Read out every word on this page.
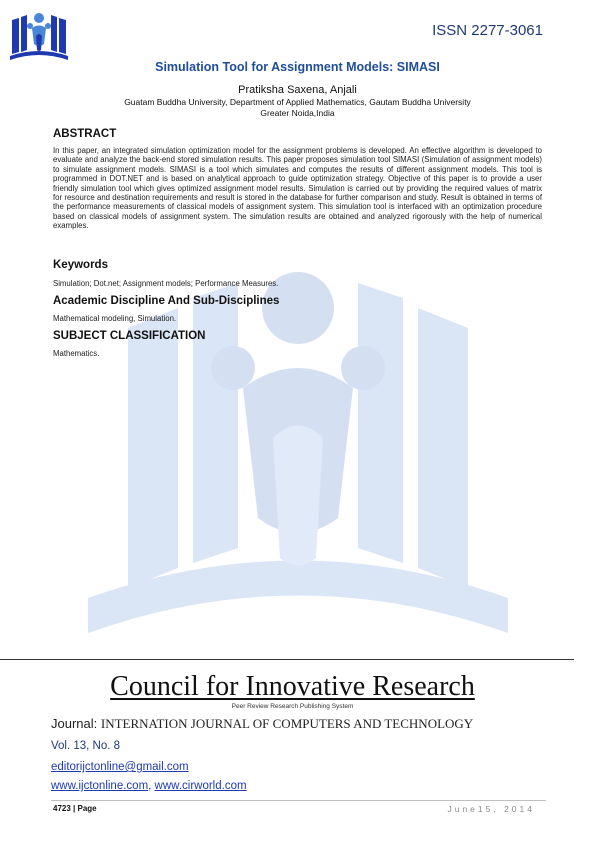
ISSN 2277-3061
Simulation Tool for Assignment Models: SIMASI
Pratiksha Saxena, Anjali
Guatam Buddha University, Department of Applied Mathematics, Gautam Buddha University
Greater Noida,India
ABSTRACT
In this paper, an integrated simulation optimization model for the assignment problems is developed. An effective algorithm is developed to evaluate and analyze the back-end stored simulation results. This paper proposes simulation tool SIMASI (Simulation of assignment models) to simulate assignment models. SIMASI is a tool which simulates and computes the results of different assignment models. This tool is programmed in DOT.NET and is based on analytical approach to guide optimization strategy. Objective of this paper is to provide a user friendly simulation tool which gives optimized assignment model results. Simulation is carried out by providing the required values of matrix for resource and destination requirements and result is stored in the database for further comparison and study. Result is obtained in terms of the performance measurements of classical models of assignment system. This simulation tool is interfaced with an optimization procedure based on classical models of assignment system. The simulation results are obtained and analyzed rigorously with the help of numerical examples.
Keywords
Simulation; Dot.net; Assignment models; Performance Measures.
Academic Discipline And Sub-Disciplines
Mathematical modeling, Simulation.
SUBJECT CLASSIFICATION
Mathematics.
Council for Innovative Research
Peer Review Research Publishing System
Journal: INTERNATION JOURNAL OF COMPUTERS AND TECHNOLOGY
Vol. 13, No. 8
editorijctonline@gmail.com
www.ijctonline.com, www.cirworld.com
4723 | Page	June15, 2014
